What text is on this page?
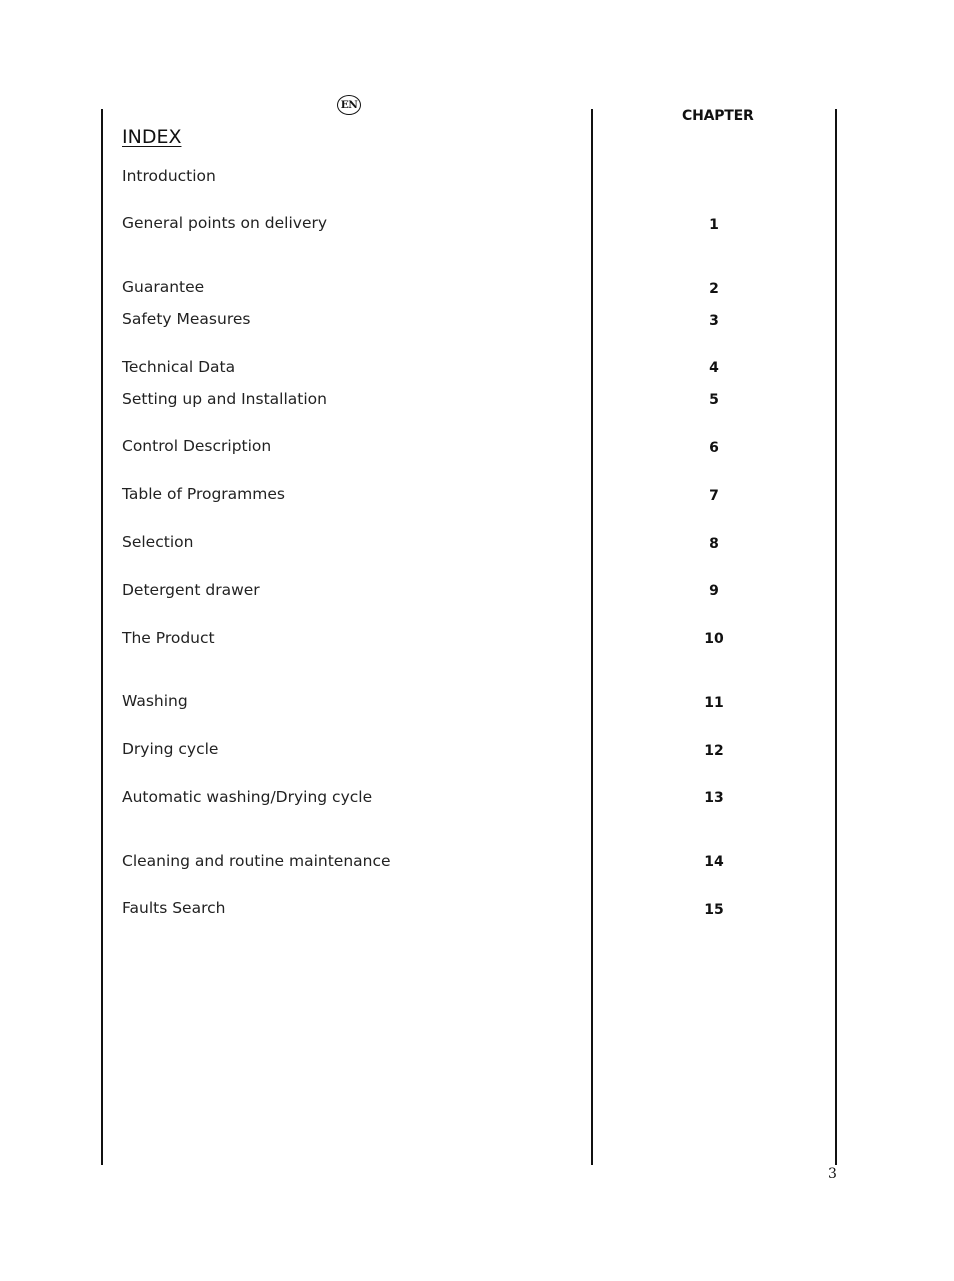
EN
INDEX
CHAPTER
Introduction
General points on delivery	1
Guarantee	2
Safety Measures	3
Technical Data	4
Setting up and Installation	5
Control Description	6
Table of Programmes	7
Selection	8
Detergent drawer	9
The Product	10
Washing	11
Drying cycle	12
Automatic washing/Drying cycle	13
Cleaning and routine maintenance	14
Faults Search	15
3
